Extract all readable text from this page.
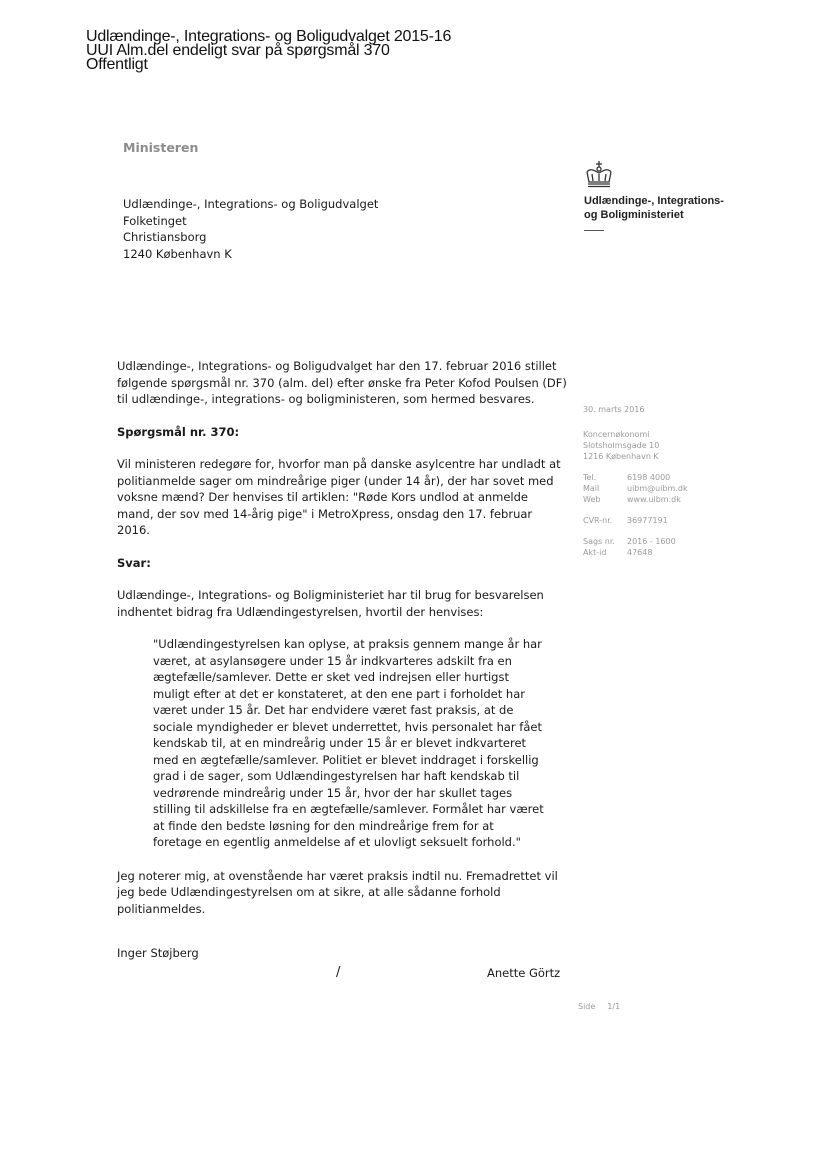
Udlændinge-, Integrations- og Boligudvalget 2015-16
UUI Alm.del endeligt svar på spørgsmål 370
Offentligt
Ministeren
Udlændinge-, Integrations- og Boligudvalget
Folketinget
Christiansborg
1240 København K
Udlændinge-, Integrations-
og Boligministeriet
30. marts 2016
Koncernøkonomi
Slotsholmsgade 10
1216 København K
Tel.	6198 4000
Mail	uibm@uibm.dk
Web	www.uibm.dk
CVR-nr.	36977191
Sags nr.	2016 - 1600
Akt-id	47648

Udlændinge-, Integrations- og Boligudvalget har den 17. februar 2016 stillet følgende spørgsmål nr. 370 (alm. del) efter ønske fra Peter Kofod Poulsen (DF) til udlændinge-, integrations- og boligministeren, som hermed besvares.

Spørgsmål nr. 370:

Vil ministeren redegøre for, hvorfor man på danske asylcentre har undladt at politianmelde sager om mindreårige piger (under 14 år), der har sovet med voksne mænd? Der henvises til artiklen: "Røde Kors undlod at anmelde mand, der sov med 14-årig pige" i MetroXpress, onsdag den 17. februar 2016.

Svar:

Udlændinge-, Integrations- og Boligministeriet har til brug for besvarelsen indhentet bidrag fra Udlændingestyrelsen, hvortil der henvises:

"Udlændingestyrelsen kan oplyse, at praksis gennem mange år har været, at asylansøgere under 15 år indkvarteres adskilt fra en ægtefælle/samlever. Dette er sket ved indrejsen eller hurtigst muligt efter at det er konstateret, at den ene part i forholdet har været under 15 år. Det har endvidere været fast praksis, at de sociale myndigheder er blevet underrettet, hvis personalet har fået kendskab til, at en mindreårig under 15 år er blevet indkvarteret med en ægtefælle/samlever. Politiet er blevet inddraget i forskellig grad i de sager, som Udlændingestyrelsen har haft kendskab til vedrørende mindreårig under 15 år, hvor der har skullet tages stilling til adskillelse fra en ægtefælle/samlever. Formålet har været at finde den bedste løsning for den mindreårige frem for at foretage en egentlig anmeldelse af et ulovligt seksuelt forhold."

Jeg noterer mig, at ovenstående har været praksis indtil nu. Fremadrettet vil jeg bede Udlændingestyrelsen om at sikre, at alle sådanne forhold politianmeldes.

Inger Støjberg
/	Anette Görtz
Side 1/1
